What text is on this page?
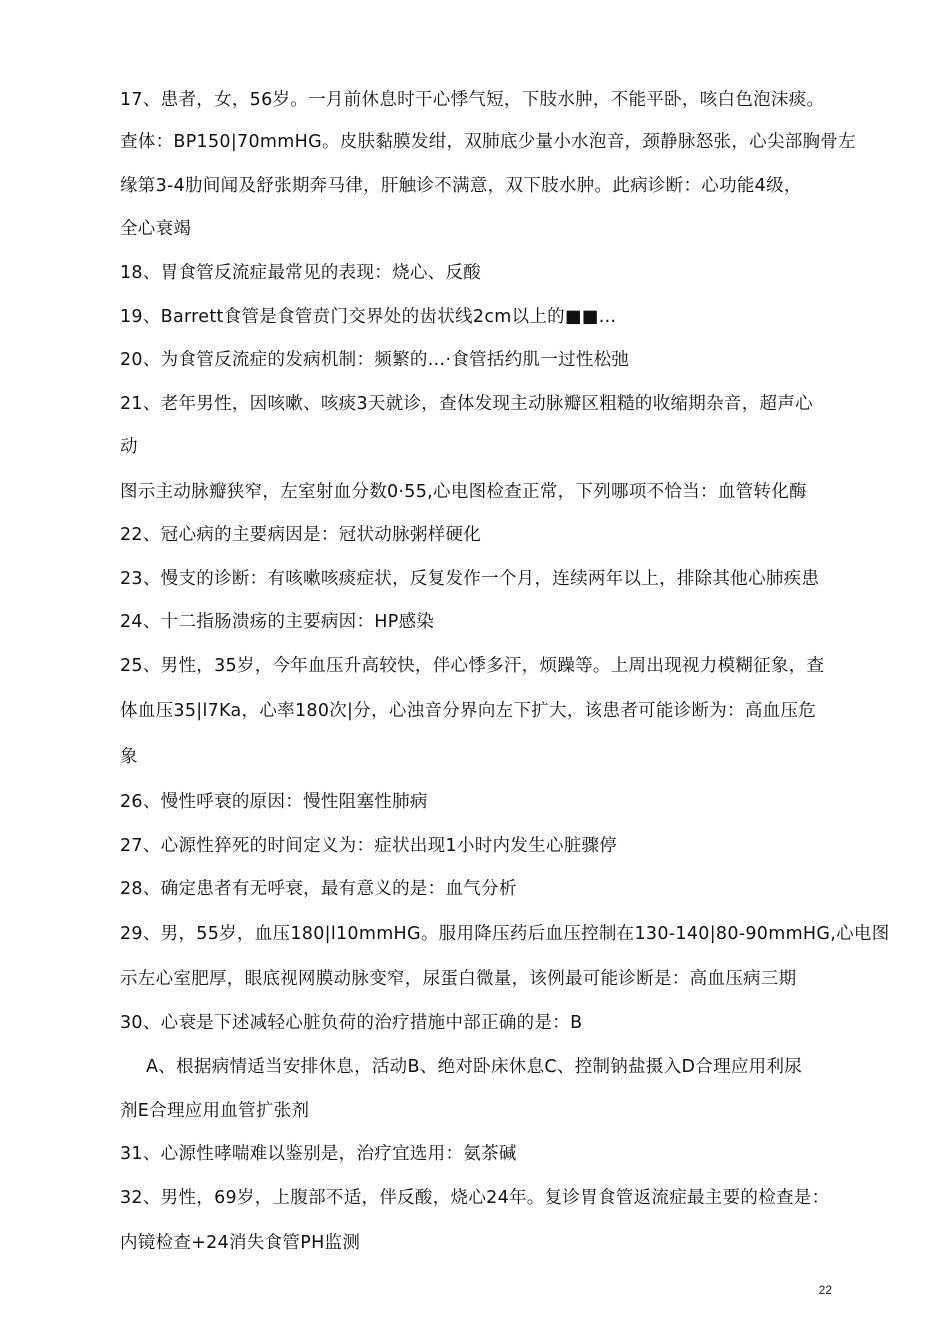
17、患者，女，56岁。一月前休息时干心悸气短，下肢水肿，不能平卧，咳白色泡沫痰。

查体：BP150|70mmHG。皮肤黏膜发绀，双肺底少量小水泡音，颈静脉怒张，心尖部胸骨左

缘第3-4肋间闻及舒张期奔马律，肝触诊不满意，双下肢水肿。此病诊断：心功能4级，

全心衰竭

18、胃食管反流症最常见的表现：烧心、反酸

19、Barrett食管是食管贲门交界处的齿状线2cm以上的■■…

20、为食管反流症的发病机制：频繁的…·食管括约肌一过性松弛

21、老年男性，因咳嗽、咳痰3天就诊，查体发现主动脉瓣区粗糙的收缩期杂音，超声心

动

图示主动脉瓣狭窄，左室射血分数0·55,心电图检查正常，下列哪项不恰当：血管转化酶

22、冠心病的主要病因是：冠状动脉粥样硬化

23、慢支的诊断：有咳嗽咳痰症状，反复发作一个月，连续两年以上，排除其他心肺疾患

24、十二指肠溃疡的主要病因：HP感染

25、男性，35岁，今年血压升高较快，伴心悸多汗，烦躁等。上周出现视力模糊征象，查

体血压35|l7Ka，心率180次|分，心浊音分界向左下扩大，该患者可能诊断为：高血压危

象

26、慢性呼衰的原因：慢性阻塞性肺病

27、心源性猝死的时间定义为：症状出现1小时内发生心脏骤停

28、确定患者有无呼衰，最有意义的是：血气分析

29、男，55岁，血压180|l10mmHG。服用降压药后血压控制在130-140|80-90mmHG,心电图

示左心室肥厚，眼底视网膜动脉变窄，尿蛋白微量，该例最可能诊断是：高血压病三期

30、心衰是下述减轻心脏负荷的治疗措施中部正确的是：B

A、根据病情适当安排休息，活动B、绝对卧床休息C、控制钠盐摄入D合理应用利尿

剂E合理应用血管扩张剂

31、心源性哮喘难以鉴别是，治疗宜选用：氨茶碱

32、男性，69岁，上腹部不适，伴反酸，烧心24年。复诊胃食管返流症最主要的检查是：

内镜检查+24消失食管PH监测

22
